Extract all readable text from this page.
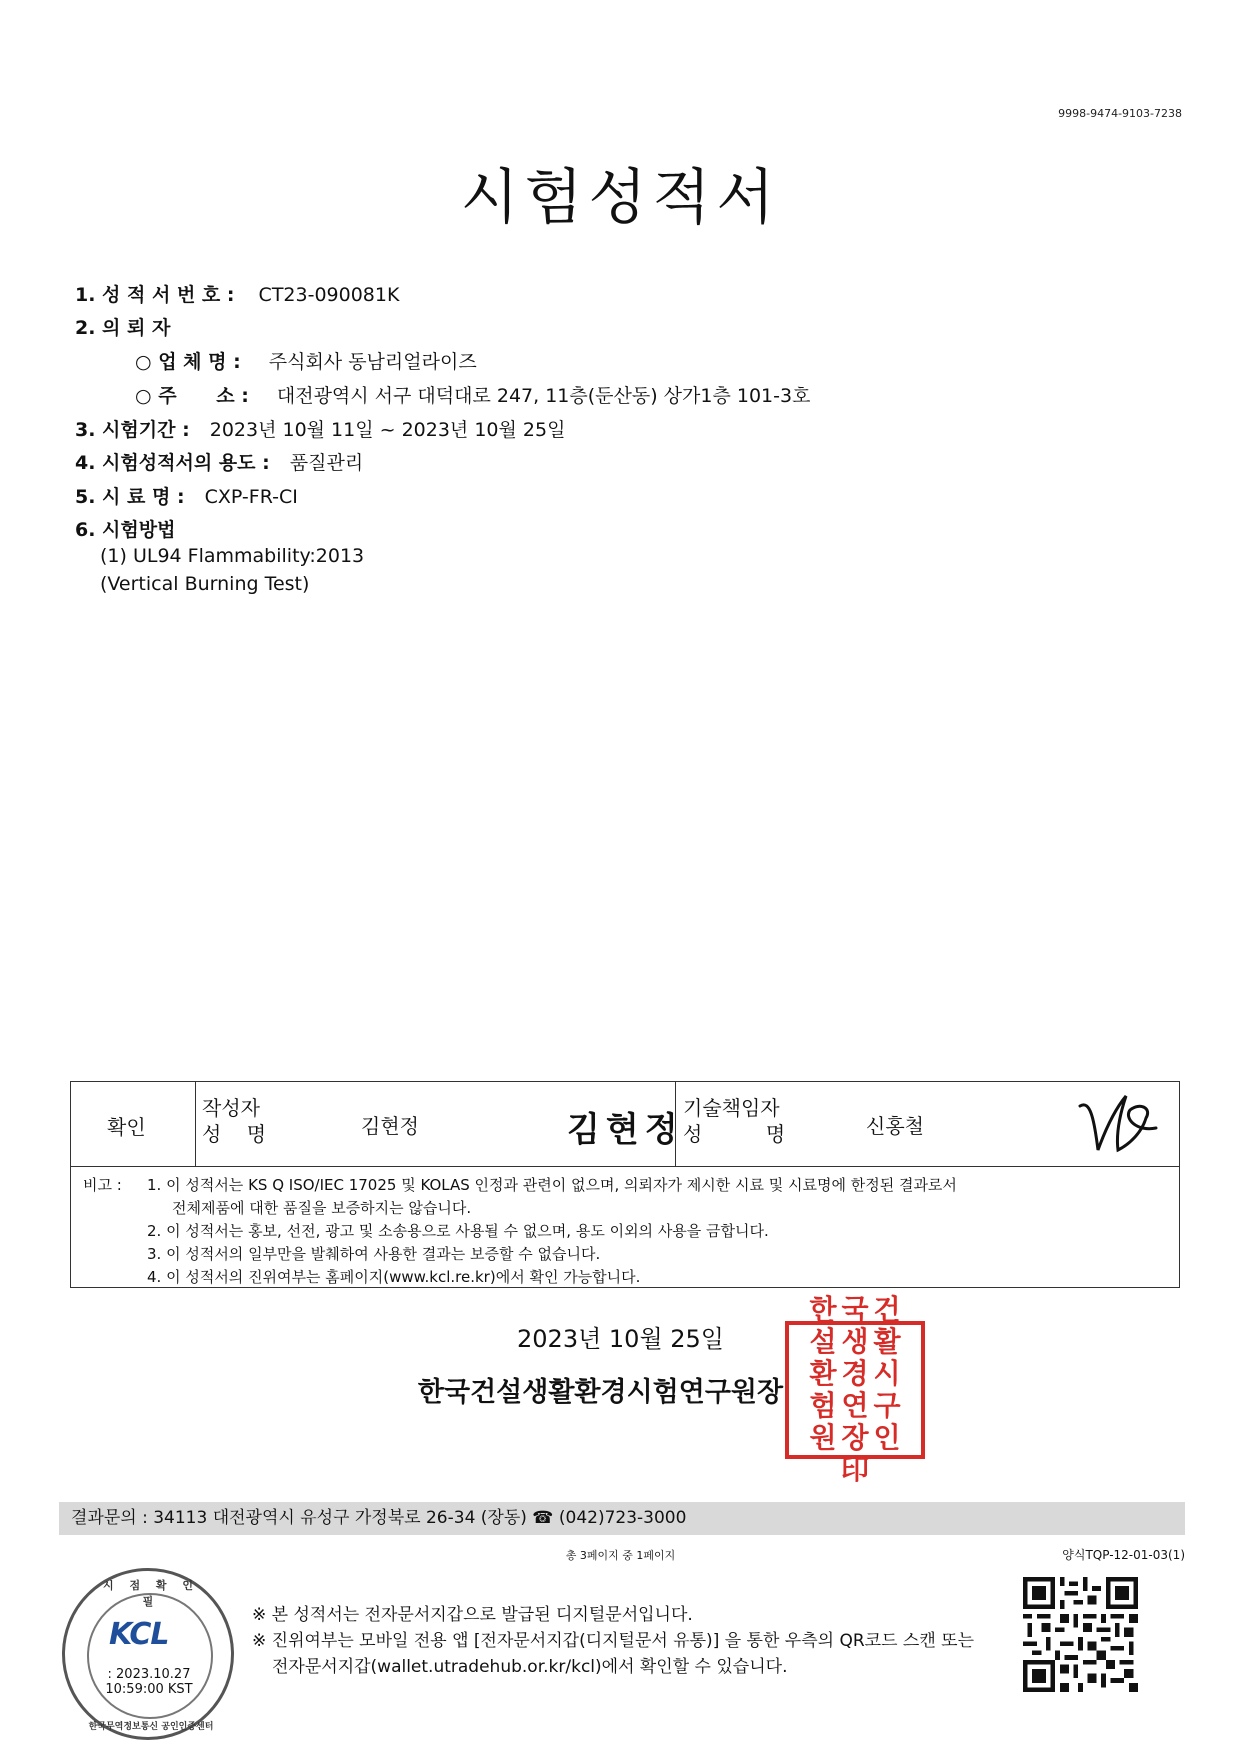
9998-9474-9103-7238
시험성적서
1. 성 적 서 번 호 : CT23-090081K
2. 의 뢰 자
○ 업 체 명 : 주식회사 동남리얼라이즈
○ 주      소 : 대전광역시 서구 대덕대로 247, 11층(둔산동) 상가1층 101-3호
3. 시험기간 : 2023년 10월 11일 ~ 2023년 10월 25일
4. 시험성적서의 용도 : 품질관리
5. 시 료 명 : CXP-FR-CI
6. 시험방법
(1) UL94 Flammability:2013
(Vertical Burning Test)
확인
작성자
성    명	김현정	김현정
기술책임자
성          명	신홍철
비고 : 1. 이 성적서는 KS Q ISO/IEC 17025 및 KOLAS 인정과 관련이 없으며, 의뢰자가 제시한 시료 및 시료명에 한정된 결과로서
전체제품에 대한 품질을 보증하지는 않습니다.
2. 이 성적서는 홍보, 선전, 광고 및 소송용으로 사용될 수 없으며, 용도 이외의 사용을 금합니다.
3. 이 성적서의 일부만을 발췌하여 사용한 결과는 보증할 수 없습니다.
4. 이 성적서의 진위여부는 홈페이지(www.kcl.re.kr)에서 확인 가능합니다.
2023년 10월 25일
한국건설생활환경시험연구원장
한 국 건
설 생 활
환 경 시
험 연 구
원 장 인
印
결과문의 : 34113 대전광역시 유성구 가정북로 26-34 (장동) ☎ (042)723-3000
총 3페이지 중 1페이지	양식TQP-12-01-03(1)
시 점 확 인 필
한국무역정보통신 공인인증센터
KCL
: 2023.10.27
10:59:00 KST
※ 본 성적서는 전자문서지갑으로 발급된 디지털문서입니다.
※ 진위여부는 모바일 전용 앱 [전자문서지갑(디지털문서 유통)] 을 통한 우측의 QR코드 스캔 또는
전자문서지갑(wallet.utradehub.or.kr/kcl)에서 확인할 수 있습니다.
